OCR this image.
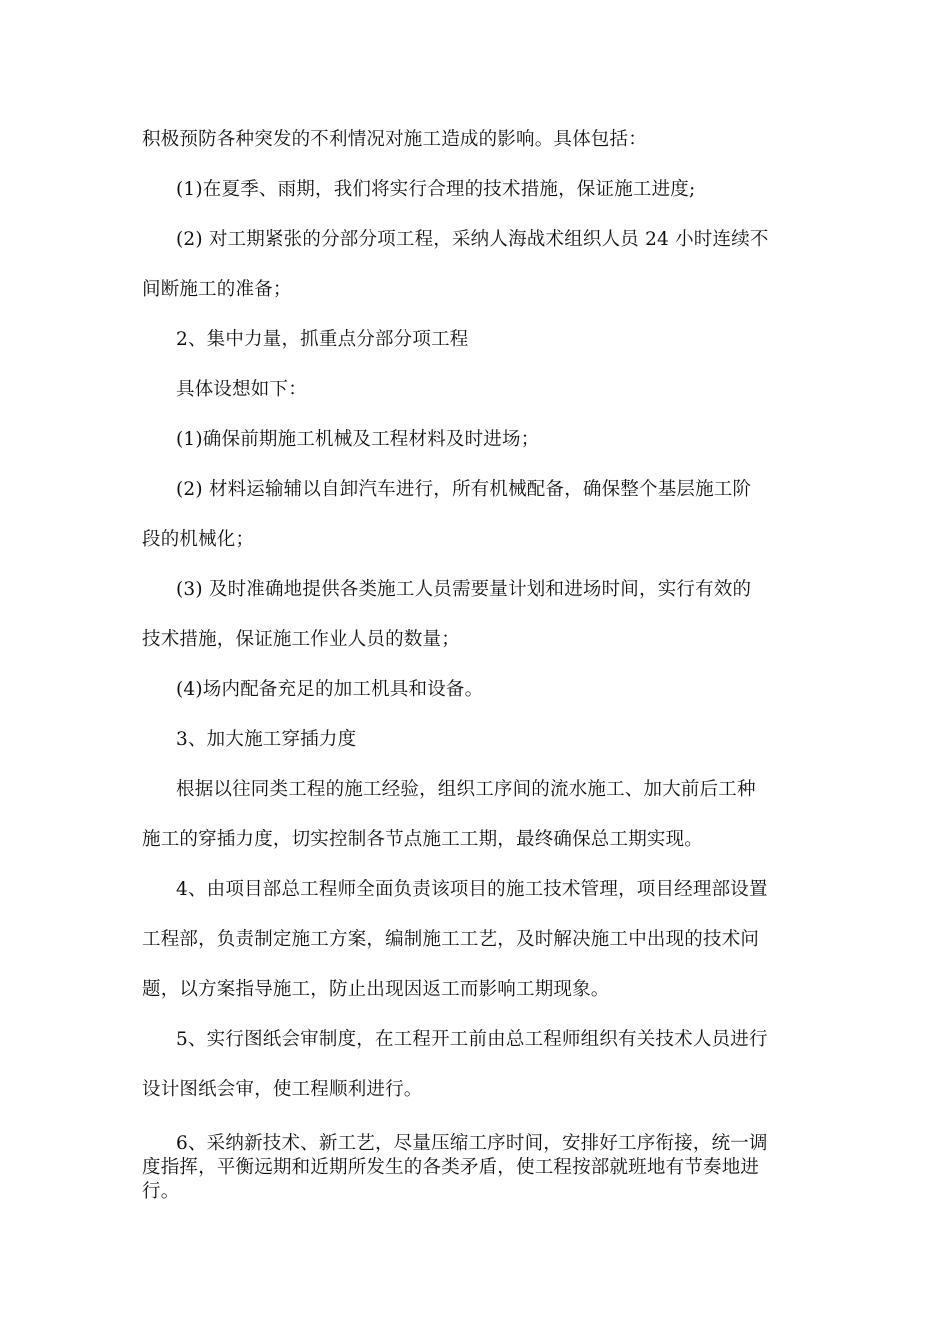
积极预防各种突发的不利情况对施工造成的影响。具体包括：
(1)在夏季、雨期，我们将实行合理的技术措施，保证施工进度;
(2) 对工期紧张的分部分项工程，采纳人海战术组织人员 24 小时连续不
间断施工的准备；
2、集中力量，抓重点分部分项工程
具体设想如下：
(1)确保前期施工机械及工程材料及时进场；
(2) 材料运输辅以自卸汽车进行，所有机械配备，确保整个基层施工阶
段的机械化；
(3) 及时准确地提供各类施工人员需要量计划和进场时间，实行有效的
技术措施，保证施工作业人员的数量；
(4)场内配备充足的加工机具和设备。
3、加大施工穿插力度
根据以往同类工程的施工经验，组织工序间的流水施工、加大前后工种
施工的穿插力度，切实控制各节点施工工期，最终确保总工期实现。
4、由项目部总工程师全面负责该项目的施工技术管理，项目经理部设置
工程部，负责制定施工方案，编制施工工艺，及时解决施工中出现的技术问
题，以方案指导施工，防止出现因返工而影响工期现象。
5、实行图纸会审制度，在工程开工前由总工程师组织有关技术人员进行
设计图纸会审，使工程顺利进行。
6、采纳新技术、新工艺，尽量压缩工序时间，安排好工序衔接，统一调
度指挥，平衡远期和近期所发生的各类矛盾，使工程按部就班地有节奏地进
行。
